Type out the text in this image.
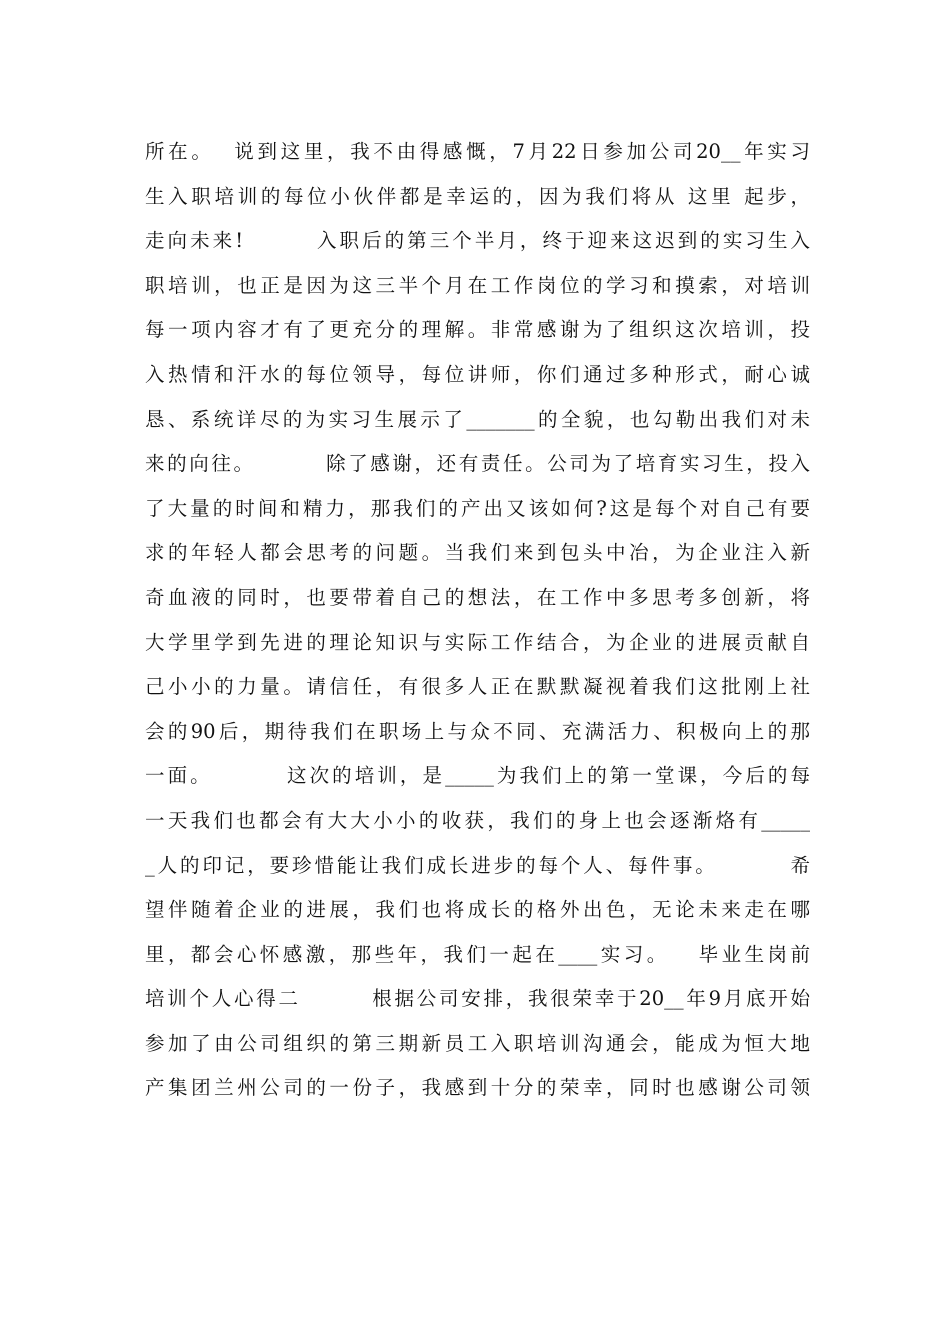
所在。  说到这里，我不由得感慨，7月22日参加公司20__年实习
生入职培训的每位小伙伴都是幸运的，因为我们将从 这里 起步，
走向未来!        入职后的第三个半月，终于迎来这迟到的实习生入
职培训，也正是因为这三半个月在工作岗位的学习和摸索，对培训
每一项内容才有了更充分的理解。非常感谢为了组织这次培训，投
入热情和汗水的每位领导，每位讲师，你们通过多种形式，耐心诚
恳、系统详尽的为实习生展示了_______的全貌，也勾勒出我们对未
来的向往。        除了感谢，还有责任。公司为了培育实习生，投入
了大量的时间和精力，那我们的产出又该如何?这是每个对自己有要
求的年轻人都会思考的问题。当我们来到包头中冶，为企业注入新
奇血液的同时，也要带着自己的想法，在工作中多思考多创新，将
大学里学到先进的理论知识与实际工作结合，为企业的进展贡献自
己小小的力量。请信任，有很多人正在默默凝视着我们这批刚上社
会的90后，期待我们在职场上与众不同、充满活力、积极向上的那
一面。        这次的培训，是_____为我们上的第一堂课，今后的每
一天我们也都会有大大小小的收获，我们的身上也会逐渐烙有_____
_人的印记，要珍惜能让我们成长进步的每个人、每件事。        希
望伴随着企业的进展，我们也将成长的格外出色，无论未来走在哪
里，都会心怀感激，那些年，我们一起在____实习。   毕业生岗前
培训个人心得二        根据公司安排，我很荣幸于20__年9月底开始
参加了由公司组织的第三期新员工入职培训沟通会，能成为恒大地
产集团兰州公司的一份子，我感到十分的荣幸，同时也感谢公司领
